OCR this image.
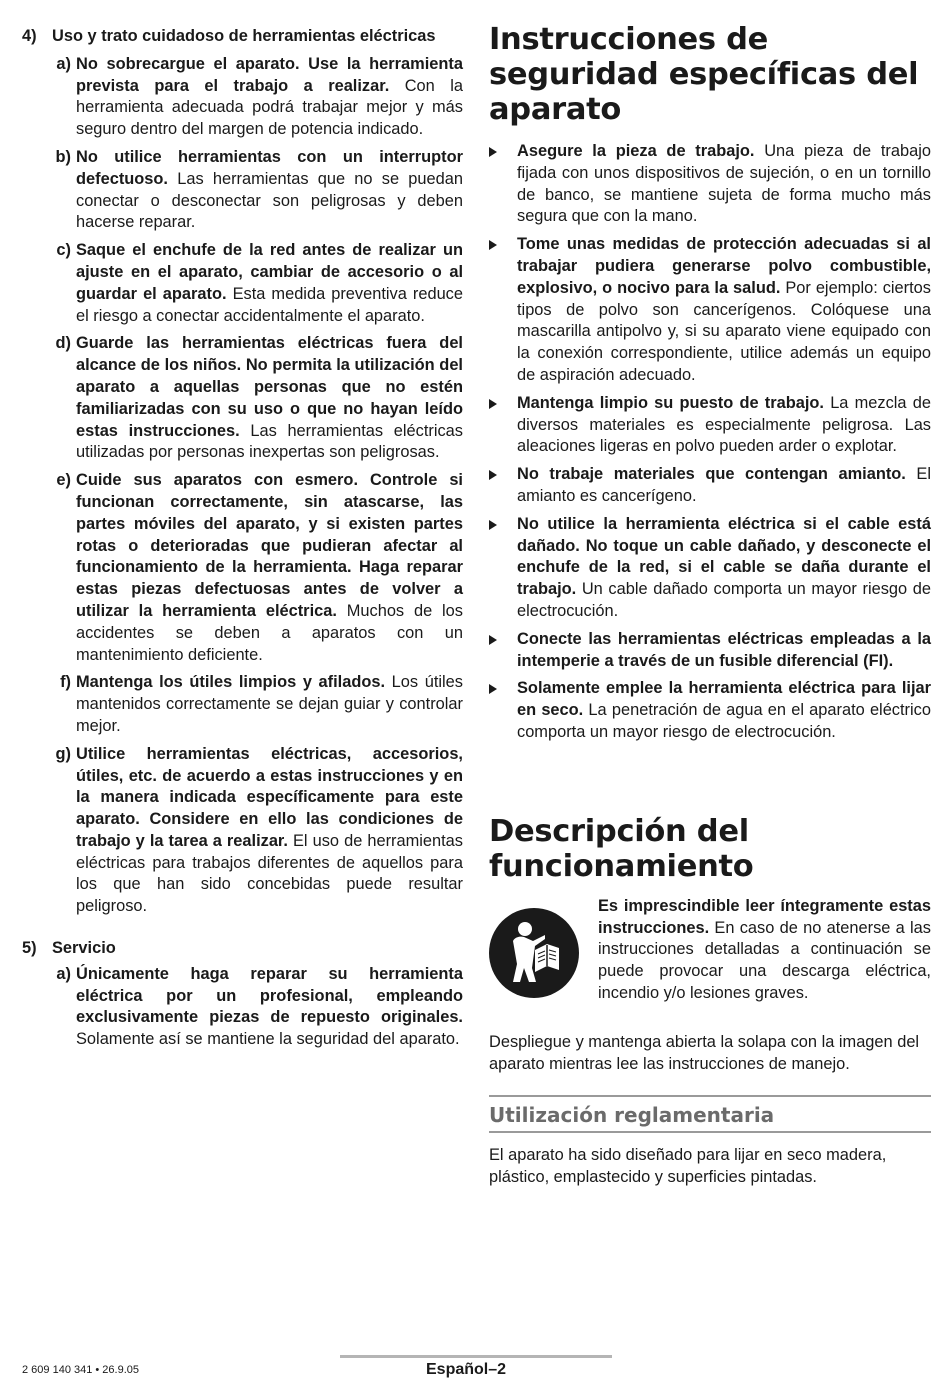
4) Uso y trato cuidadoso de herramientas eléctricas
a) No sobrecargue el aparato. Use la herramienta prevista para el trabajo a realizar. Con la herramienta adecuada podrá trabajar mejor y más seguro dentro del margen de potencia indicado.
b) No utilice herramientas con un interruptor defectuoso. Las herramientas que no se puedan conectar o desconectar son peligrosas y deben hacerse reparar.
c) Saque el enchufe de la red antes de realizar un ajuste en el aparato, cambiar de accesorio o al guardar el aparato. Esta medida preventiva reduce el riesgo a conectar accidentalmente el aparato.
d) Guarde las herramientas eléctricas fuera del alcance de los niños. No permita la utilización del aparato a aquellas personas que no estén familiarizadas con su uso o que no hayan leído estas instrucciones. Las herramientas eléctricas utilizadas por personas inexpertas son peligrosas.
e) Cuide sus aparatos con esmero. Controle si funcionan correctamente, sin atascarse, las partes móviles del aparato, y si existen partes rotas o deterioradas que pudieran afectar al funcionamiento de la herramienta. Haga reparar estas piezas defectuosas antes de volver a utilizar la herramienta eléctrica. Muchos de los accidentes se deben a aparatos con un mantenimiento deficiente.
f) Mantenga los útiles limpios y afilados. Los útiles mantenidos correctamente se dejan guiar y controlar mejor.
g) Utilice herramientas eléctricas, accesorios, útiles, etc. de acuerdo a estas instrucciones y en la manera indicada específicamente para este aparato. Considere en ello las condiciones de trabajo y la tarea a realizar. El uso de herramientas eléctricas para trabajos diferentes de aquellos para los que han sido concebidas puede resultar peligroso.
5) Servicio
a) Únicamente haga reparar su herramienta eléctrica por un profesional, empleando exclusivamente piezas de repuesto originales. Solamente así se mantiene la seguridad del aparato.
Instrucciones de seguridad específicas del aparato
Asegure la pieza de trabajo. Una pieza de trabajo fijada con unos dispositivos de sujeción, o en un tornillo de banco, se mantiene sujeta de forma mucho más segura que con la mano.
Tome unas medidas de protección adecuadas si al trabajar pudiera generarse polvo combustible, explosivo, o nocivo para la salud. Por ejemplo: ciertos tipos de polvo son cancerígenos. Colóquese una mascarilla antipolvo y, si su aparato viene equipado con la conexión correspondiente, utilice además un equipo de aspiración adecuado.
Mantenga limpio su puesto de trabajo. La mezcla de diversos materiales es especialmente peligrosa. Las aleaciones ligeras en polvo pueden arder o explotar.
No trabaje materiales que contengan amianto. El amianto es cancerígeno.
No utilice la herramienta eléctrica si el cable está dañado. No toque un cable dañado, y desconecte el enchufe de la red, si el cable se daña durante el trabajo. Un cable dañado comporta un mayor riesgo de electrocución.
Conecte las herramientas eléctricas empleadas a la intemperie a través de un fusible diferencial (FI).
Solamente emplee la herramienta eléctrica para lijar en seco. La penetración de agua en el aparato eléctrico comporta un mayor riesgo de electrocución.
Descripción del funcionamiento
Es imprescindible leer íntegramente estas instrucciones. En caso de no atenerse a las instrucciones detalladas a continuación se puede provocar una descarga eléctrica, incendio y/o lesiones graves.
Despliegue y mantenga abierta la solapa con la imagen del aparato mientras lee las instrucciones de manejo.
Utilización reglamentaria
El aparato ha sido diseñado para lijar en seco madera, plástico, emplastecido y superficies pintadas.
2 609 140 341 • 26.9.05	Español–2
